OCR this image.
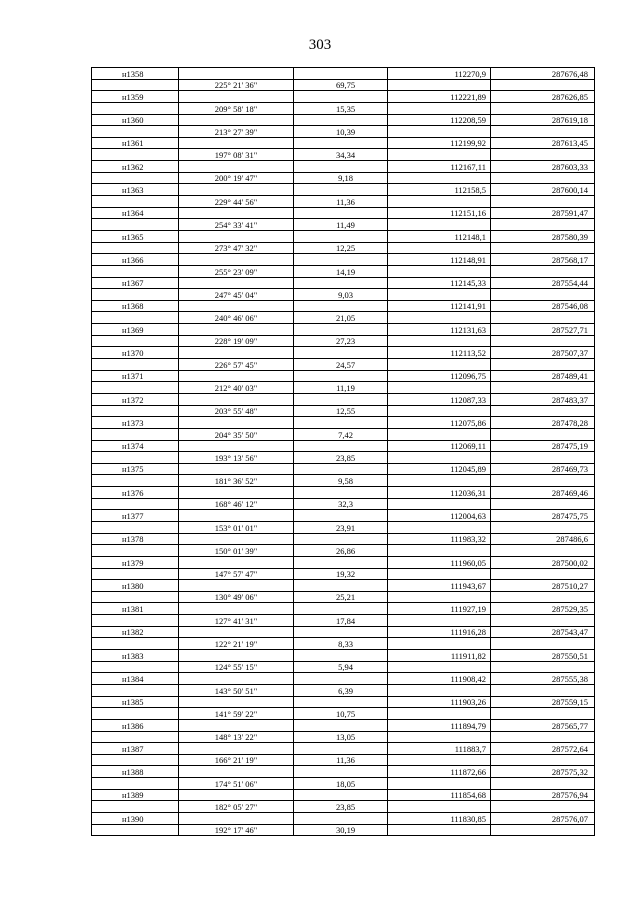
303
н1358			112270,9	287676,48
	225° 21' 36"	69,75		
н1359			112221,89	287626,85
	209° 58' 18"	15,35		
н1360			112208,59	287619,18
	213° 27' 39"	10,39		
н1361			112199,92	287613,45
	197° 08' 31"	34,34		
н1362			112167,11	287603,33
	200° 19' 47"	9,18		
н1363			112158,5	287600,14
	229° 44' 56"	11,36		
н1364			112151,16	287591,47
	254° 33' 41"	11,49		
н1365			112148,1	287580,39
	273° 47' 32"	12,25		
н1366			112148,91	287568,17
	255° 23' 09"	14,19		
н1367			112145,33	287554,44
	247° 45' 04"	9,03		
н1368			112141,91	287546,08
	240° 46' 06"	21,05		
н1369			112131,63	287527,71
	228° 19' 09"	27,23		
н1370			112113,52	287507,37
	226° 57' 45"	24,57		
н1371			112096,75	287489,41
	212° 40' 03"	11,19		
н1372			112087,33	287483,37
	203° 55' 48"	12,55		
н1373			112075,86	287478,28
	204° 35' 50"	7,42		
н1374			112069,11	287475,19
	193° 13' 56"	23,85		
н1375			112045,89	287469,73
	181° 36' 52"	9,58		
н1376			112036,31	287469,46
	168° 46' 12"	32,3		
н1377			112004,63	287475,75
	153° 01' 01"	23,91		
н1378			111983,32	287486,6
	150° 01' 39"	26,86		
н1379			111960,05	287500,02
	147° 57' 47"	19,32		
н1380			111943,67	287510,27
	130° 49' 06"	25,21		
н1381			111927,19	287529,35
	127° 41' 31"	17,84		
н1382			111916,28	287543,47
	122° 21' 19"	8,33		
н1383			111911,82	287550,51
	124° 55' 15"	5,94		
н1384			111908,42	287555,38
	143° 50' 51"	6,39		
н1385			111903,26	287559,15
	141° 59' 22"	10,75		
н1386			111894,79	287565,77
	148° 13' 22"	13,05		
н1387			111883,7	287572,64
	166° 21' 19"	11,36		
н1388			111872,66	287575,32
	174° 51' 06"	18,05		
н1389			111854,68	287576,94
	182° 05' 27"	23,85		
н1390			111830,85	287576,07
	192° 17' 46"	30,19		
